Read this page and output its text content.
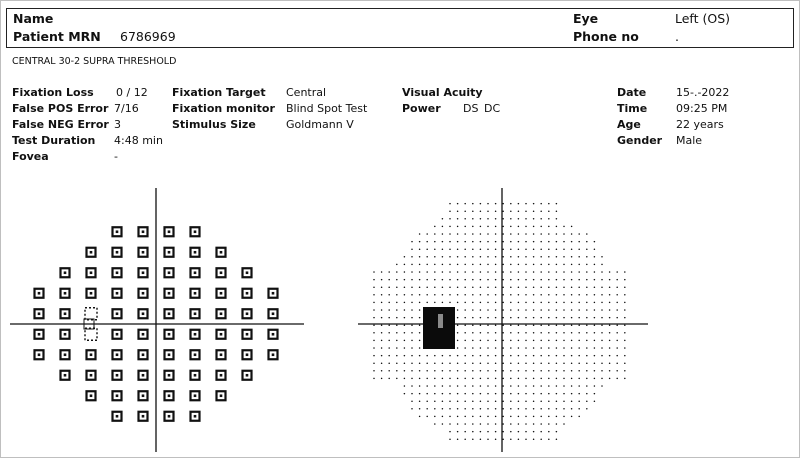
Name
Patient MRN 6786969
Eye	Left (OS)
Phone no	.
CENTRAL 30-2 SUPRA THRESHOLD
Fixation Loss 0 / 12
False POS Error 7/16
False NEG Error 3
Test Duration 4:48 min
Fovea	-
Fixation Target Central
Fixation monitor Blind Spot Test
Stimulus Size	Goldmann V
Visual Acuity
Power DS DC
Date	15-.-2022
Time	09:25 PM
Age	22 years
Gender Male
